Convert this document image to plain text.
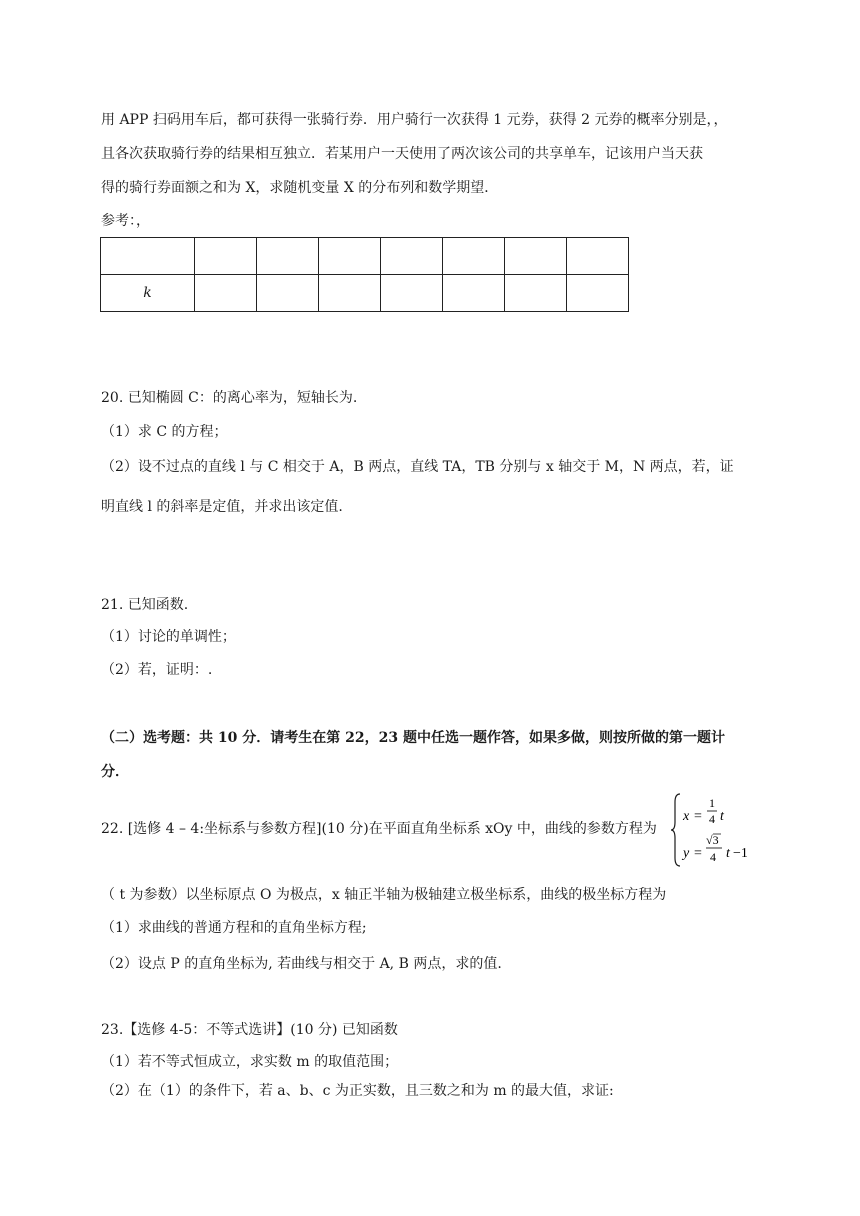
用 APP 扫码用车后，都可获得一张骑行券．用户骑行一次获得 1 元券，获得 2 元券的概率分别是，，
且各次获取骑行券的结果相互独立．若某用户一天使用了两次该公司的共享单车，记该用户当天获
得的骑行券面额之和为 X，求随机变量 X 的分布列和数学期望．
参考：，

k							
20. 已知椭圆 C：的离心率为，短轴长为.
（1）求 C 的方程；
（2）设不过点的直线 l 与 C 相交于 A，B 两点，直线 TA，TB 分别与 x 轴交于 M，N 两点，若，证
明直线 l 的斜率是定值，并求出该定值.
21. 已知函数.
（1）讨论的单调性；
（2）若，证明：.
（二）选考题：共 10 分．请考生在第 22，23 题中任选一题作答，如果多做，则按所做的第一题计
分．
22. [选修 4 – 4:坐标系与参数方程](10 分)在平面直角坐标系 xOy 中，曲线的参数方程为
x =
1
4 t
y =
√3
4 t −1
（ t 为参数）以坐标原点 O 为极点，x 轴正半轴为极轴建立极坐标系，曲线的极坐标方程为
（1）求曲线的普通方程和的直角坐标方程;
（2）设点 P 的直角坐标为, 若曲线与相交于 A, B 两点，求的值.
23.【选修 4-5：不等式选讲】(10 分) 已知函数
（1）若不等式恒成立，求实数 m 的取值范围；
（2）在（1）的条件下，若 a、b、c 为正实数，且三数之和为 m 的最大值，求证:
